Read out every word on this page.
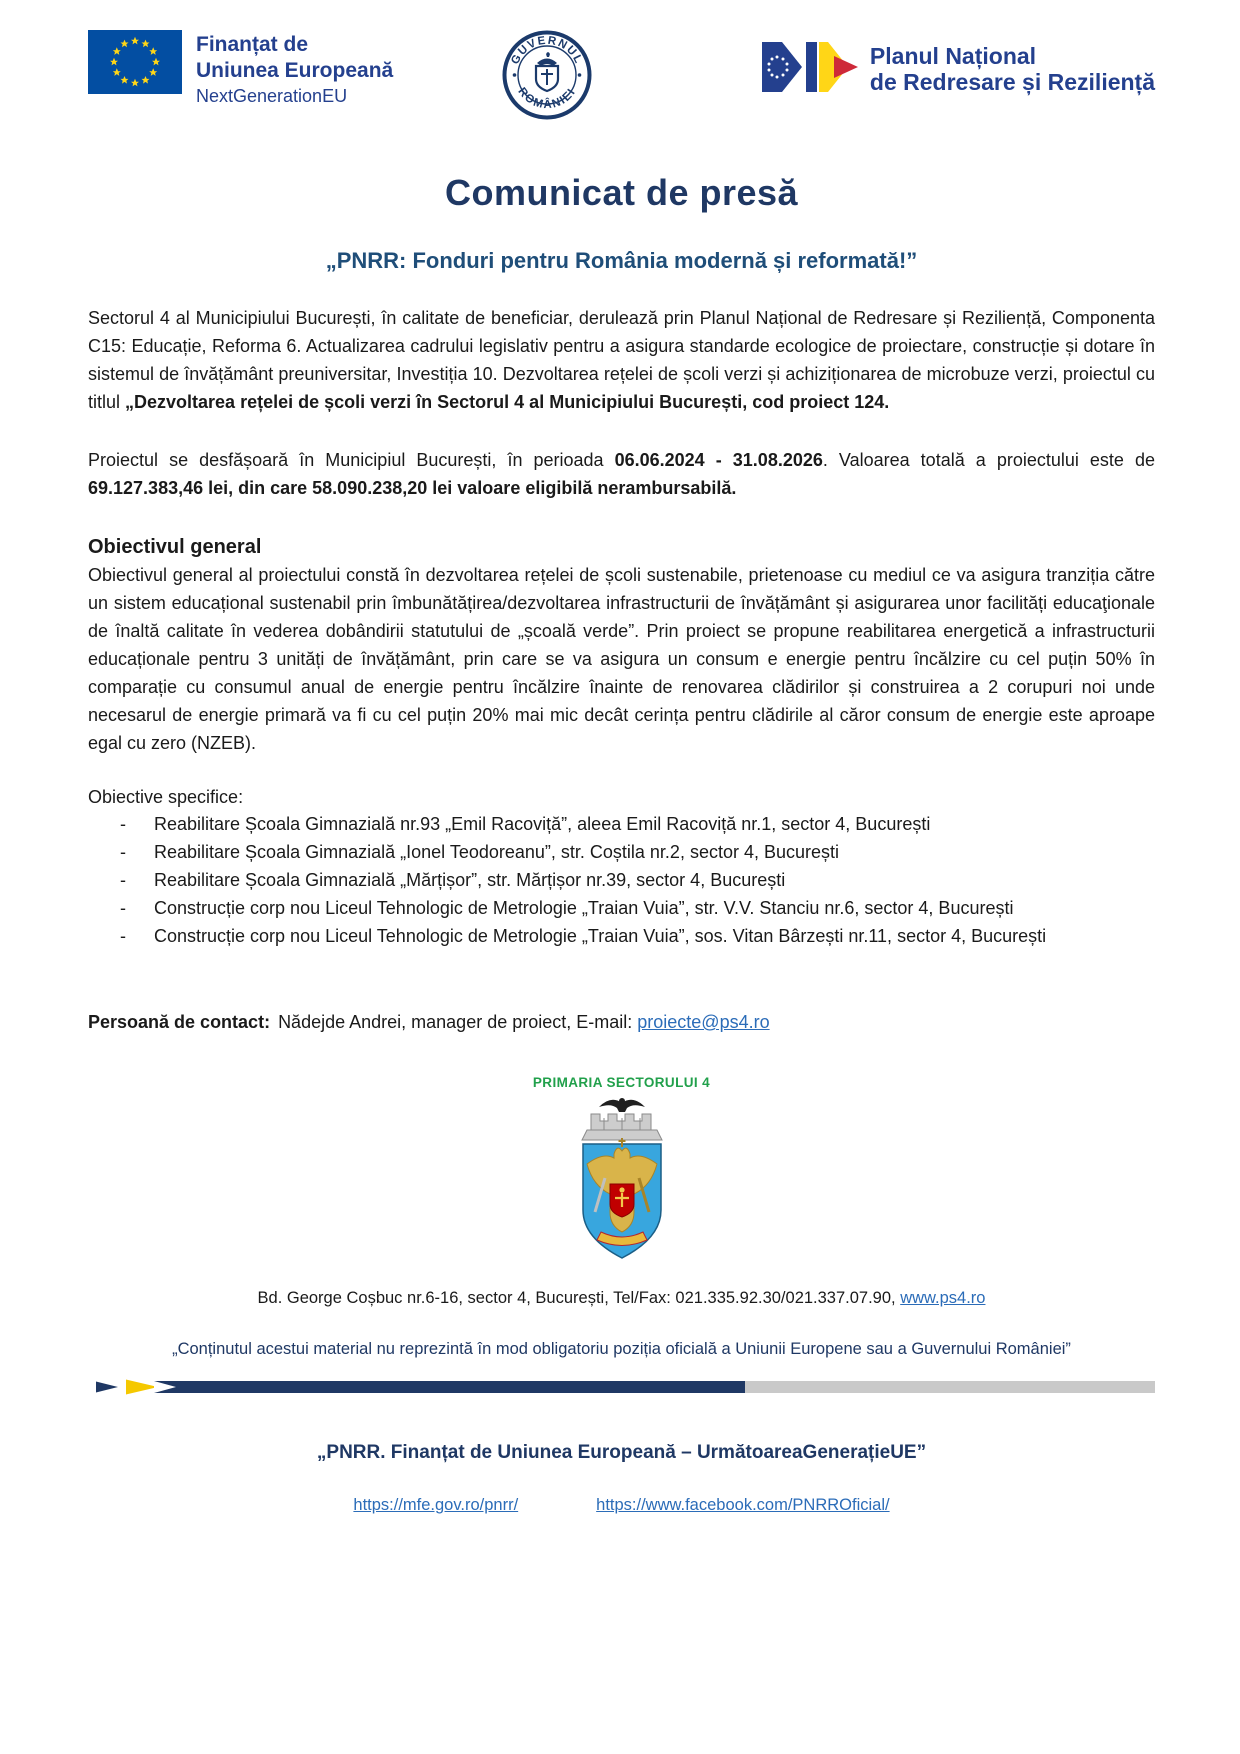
Finanțat de
Uniunea Europeană
NextGenerationEU
GUVERNUL
ROMÂNIEI
Planul Național
de Redresare și Reziliență
Comunicat de presă
„PNRR: Fonduri pentru România modernă și reformată!”

Sectorul 4 al Municipiului București, în calitate de beneficiar, derulează prin Planul Național de Redresare și Reziliență, Componenta C15: Educație, Reforma 6. Actualizarea cadrului legislativ pentru a asigura standarde ecologice de proiectare, construcție și dotare în sistemul de învățământ preuniversitar, Investiția 10. Dezvoltarea rețelei de școli verzi și achiziționarea de microbuze verzi, proiectul cu titlul „Dezvoltarea rețelei de școli verzi în Sectorul 4 al Municipiului București, cod proiect 124.

Proiectul se desfășoară în Municipiul București, în perioada 06.06.2024 - 31.08.2026. Valoarea totală a proiectului este de 69.127.383,46 lei, din care 58.090.238,20 lei valoare eligibilă nerambursabilă.

Obiectivul general

Obiectivul general al proiectului constă în dezvoltarea rețelei de școli sustenabile, prietenoase cu mediul ce va asigura tranziția către un sistem educațional sustenabil prin îmbunătățirea/dezvoltarea infrastructurii de învățământ și asigurarea unor facilități educaţionale de înaltă calitate în vederea dobândirii statutului de „școală verde”. Prin proiect se propune reabilitarea energetică a infrastructurii educaționale pentru 3 unități de învățământ, prin care se va asigura un consum e energie pentru încălzire cu cel puțin 50% în comparație cu consumul anual de energie pentru încălzire înainte de renovarea clădirilor și construirea a 2 corupuri noi unde necesarul de energie primară va fi cu cel puțin 20% mai mic decât cerința pentru clădirile al căror consum de energie este aproape egal cu zero (NZEB).

Obiective specifice:

-	Reabilitare Școala Gimnazială nr.93 „Emil Racoviță”, aleea Emil Racoviță nr.1, sector 4, București
-	Reabilitare Școala Gimnazială „Ionel Teodoreanu”, str. Coștila nr.2, sector 4, București
-	Reabilitare Școala Gimnazială „Mărțișor”, str. Mărțișor nr.39, sector 4, București
-	Construcție corp nou Liceul Tehnologic de Metrologie „Traian Vuia”, str. V.V. Stanciu nr.6, sector 4, București
-	Construcție corp nou Liceul Tehnologic de Metrologie „Traian Vuia”, sos. Vitan Bârzești nr.11, sector 4, București

Persoană de contact: Nădejde Andrei, manager de proiect, E-mail: proiecte@ps4.ro

PRIMARIA SECTORULUI 4

Bd. George Coșbuc nr.6-16, sector 4, București, Tel/Fax: 021.335.92.30/021.337.07.90, www.ps4.ro

„Conținutul acestui material nu reprezintă în mod obligatoriu poziția oficială a Uniunii Europene sau a Guvernului României”

„PNRR. Finanțat de Uniunea Europeană – UrmătoareaGenerațieUE”

https://mfe.gov.ro/pnrr/	https://www.facebook.com/PNRROficial/
